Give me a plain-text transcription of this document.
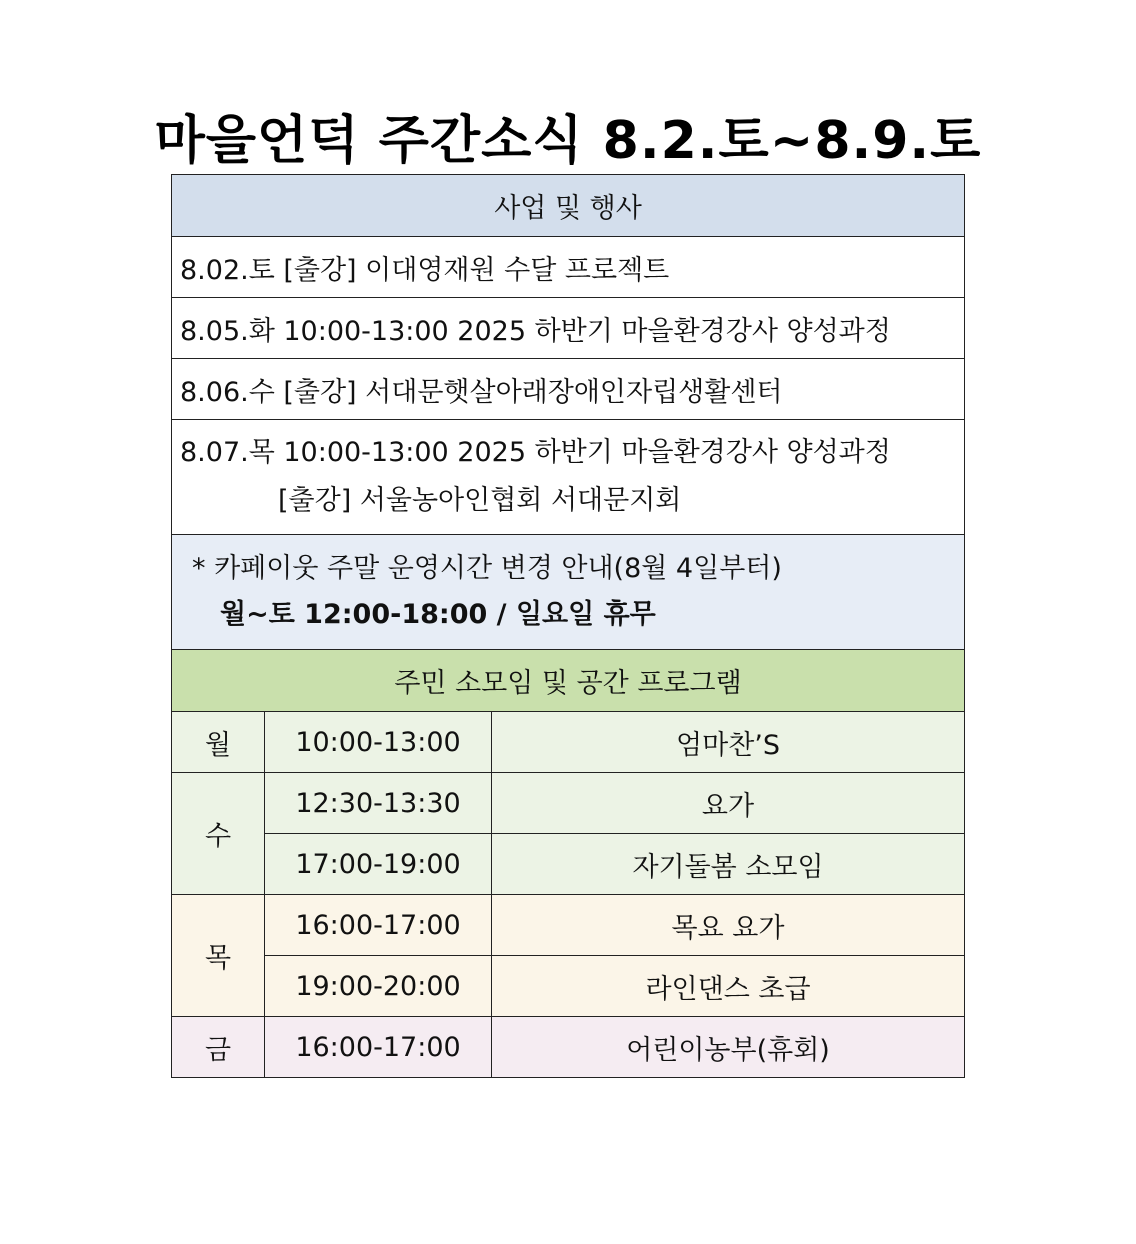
마을언덕 주간소식 8.2.토~8.9.토
사업 및 행사		
8.02.토 [출강] 이대영재원 수달 프로젝트		
8.05.화 10:00-13:00 2025 하반기 마을환경강사 양성과정		
8.06.수 [출강] 서대문햇살아래장애인자립생활센터		

8.07.목 10:00-13:00 2025 하반기 마을환경강사 양성과정
[출강] 서울농아인협회 서대문지회		

* 카페이웃 주말 운영시간 변경 안내(8월 4일부터)
월~토 12:00-18:00 / 일요일 휴무		

주민 소모임 및 공간 프로그램		
월	10:00-13:00	엄마찬’S
수	12:30-13:30	요가
	17:00-19:00	자기돌봄 소모임
목	16:00-17:00	목요 요가
	19:00-20:00	라인댄스 초급
금	16:00-17:00	어린이농부(휴회)
